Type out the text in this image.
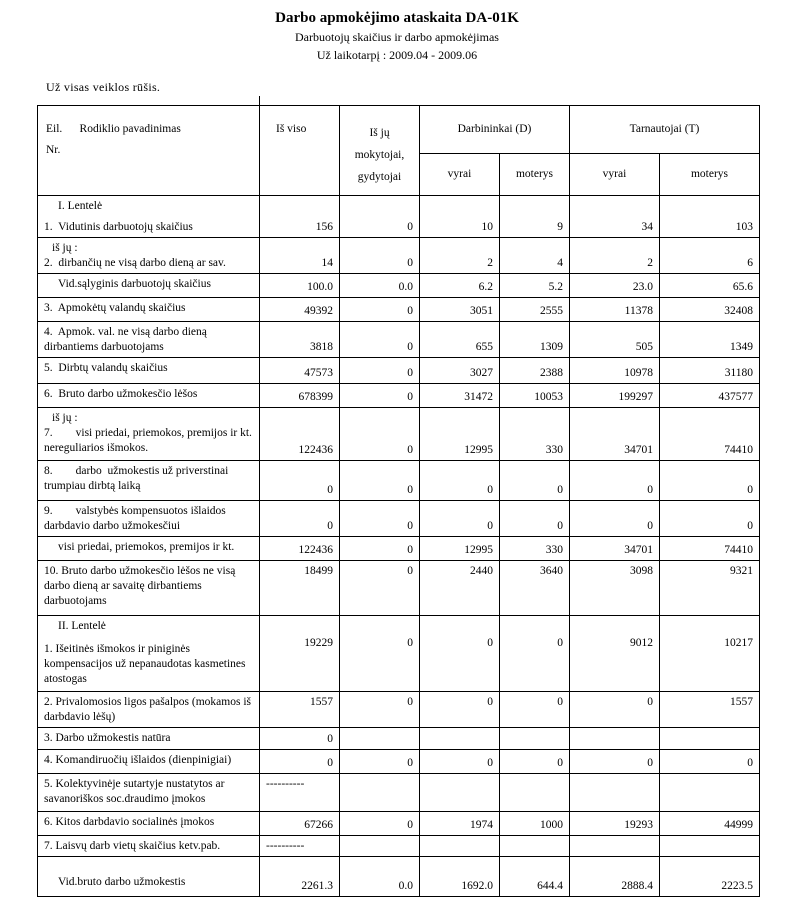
Darbo apmokėjimo ataskaita DA-01K
Darbuotojų skaičius ir darbo apmokėjimas
Už laikotarpį : 2009.04 - 2009.06
Už visas veiklos rūšis.
Eil. Rodiklio pavadinimas
Nr.	Iš viso	Iš jų
mokytojai,
gydytojai	Darbininkai (D)		Tarnautojai (T)	
			vyrai	moterys	vyrai	moterys

I. Lentelė
1.  Vidutinis darbuotojų skaičius	156	0	10	9	34	103

iš jų :
2.  dirbančių ne visą darbo dieną ar sav.	14	0	2	4	2	6

Vid.sąlyginis darbuotojų skaičius	100.0	0.0	6.2	5.2	23.0	65.6

3.  Apmokėtų valandų skaičius	49392	0	3051	2555	11378	32408

4.  Apmok. val. ne visą darbo dieną dirbantiems darbuotojams	3818	0	655	1309	505	1349

5.  Dirbtų valandų skaičius	47573	0	3027	2388	10978	31180

6.  Bruto darbo užmokesčio lėšos	678399	0	31472	10053	199297	437577

iš jų :
7.        visi priedai, priemokos, premijos ir kt. nereguliarios išmokos.	122436	0	12995	330	34701	74410

8.        darbo  užmokestis už priverstinai trumpiau dirbtą laiką	0	0	0	0	0	0

9.        valstybės kompensuotos išlaidos darbdavio darbo užmokesčiui	0	0	0	0	0	0

visi priedai, priemokos, premijos ir kt.	122436	0	12995	330	34701	74410

10. Bruto darbo užmokesčio lėšos ne visą darbo dieną ar savaitę dirbantiems darbuotojams	18499	0	2440	3640	3098	9321

II. Lentelė
1. Išeitinės išmokos ir piniginės kompensacijos už nepanaudotas kasmetines atostogas	19229	0	0	0	9012	10217

2. Privalomosios ligos pašalpos (mokamos iš darbdavio lėšų)	1557	0	0	0	0	1557

3. Darbo užmokestis natūra	0					

4. Komandiruočių išlaidos (dienpinigiai)	0	0	0	0	0	0

5. Kolektyvinėje sutartyje nustatytos ar savanoriškos soc.draudimo įmokos	----------					

6. Kitos darbdavio socialinės įmokos	67266	0	1974	1000	19293	44999

7. Laisvų darb vietų skaičius ketv.pab.	----------					

Vid.bruto darbo užmokestis	2261.3	0.0	1692.0	644.4	2888.4	2223.5
